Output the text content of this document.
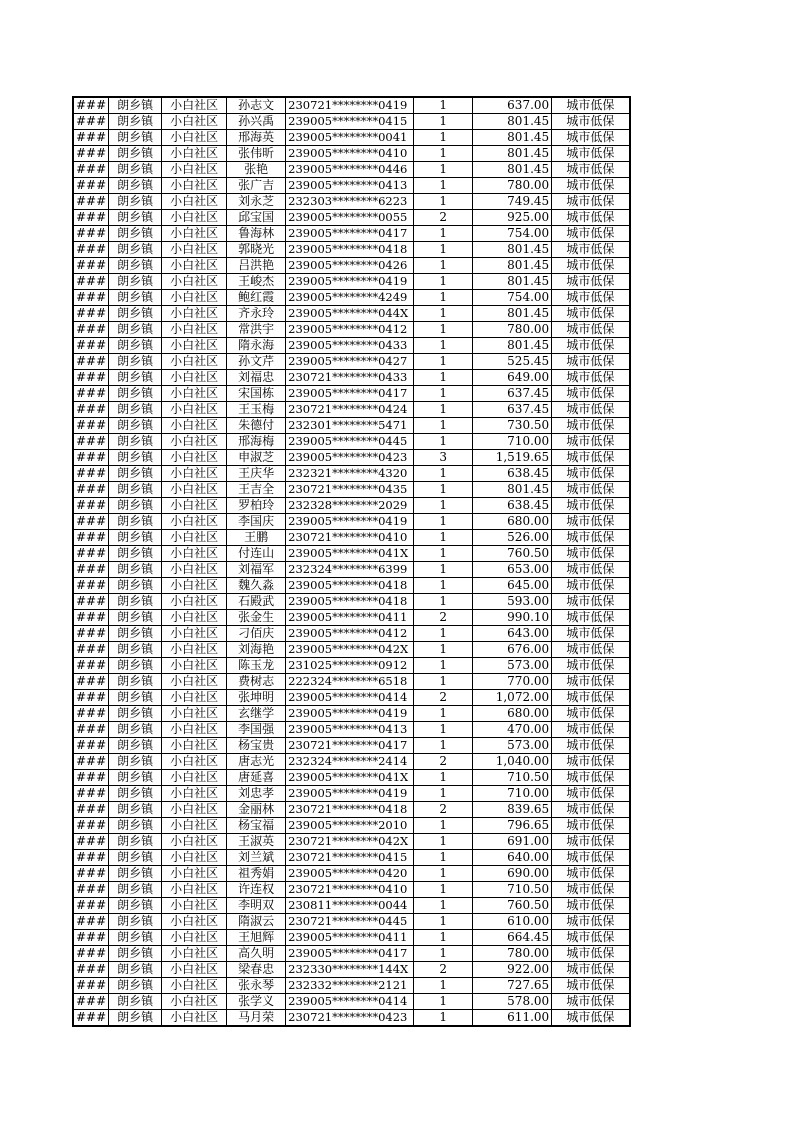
###	朗乡镇	小白社区	孙志文	230721********0419	1	637.00	城市低保
###	朗乡镇	小白社区	孙兴禹	239005********0415	1	801.45	城市低保
###	朗乡镇	小白社区	邢海英	239005********0041	1	801.45	城市低保
###	朗乡镇	小白社区	张伟昕	239005********0410	1	801.45	城市低保
###	朗乡镇	小白社区	张艳	239005********0446	1	801.45	城市低保
###	朗乡镇	小白社区	张广吉	239005********0413	1	780.00	城市低保
###	朗乡镇	小白社区	刘永芝	232303********6223	1	749.45	城市低保
###	朗乡镇	小白社区	邱宝国	239005********0055	2	925.00	城市低保
###	朗乡镇	小白社区	鲁海林	239005********0417	1	754.00	城市低保
###	朗乡镇	小白社区	郭晓光	239005********0418	1	801.45	城市低保
###	朗乡镇	小白社区	吕洪艳	239005********0426	1	801.45	城市低保
###	朗乡镇	小白社区	王峻杰	239005********0419	1	801.45	城市低保
###	朗乡镇	小白社区	鲍红霞	239005********4249	1	754.00	城市低保
###	朗乡镇	小白社区	齐永玲	239005********044X	1	801.45	城市低保
###	朗乡镇	小白社区	常洪宇	239005********0412	1	780.00	城市低保
###	朗乡镇	小白社区	隋永海	239005********0433	1	801.45	城市低保
###	朗乡镇	小白社区	孙文芹	239005********0427	1	525.45	城市低保
###	朗乡镇	小白社区	刘福忠	230721********0433	1	649.00	城市低保
###	朗乡镇	小白社区	宋国栋	239005********0417	1	637.45	城市低保
###	朗乡镇	小白社区	王玉梅	230721********0424	1	637.45	城市低保
###	朗乡镇	小白社区	朱德付	232301********5471	1	730.50	城市低保
###	朗乡镇	小白社区	邢海梅	239005********0445	1	710.00	城市低保
###	朗乡镇	小白社区	申淑芝	239005********0423	3	1,519.65	城市低保
###	朗乡镇	小白社区	王庆华	232321********4320	1	638.45	城市低保
###	朗乡镇	小白社区	王吉全	230721********0435	1	801.45	城市低保
###	朗乡镇	小白社区	罗柏玲	232328********2029	1	638.45	城市低保
###	朗乡镇	小白社区	李国庆	239005********0419	1	680.00	城市低保
###	朗乡镇	小白社区	王鹏	230721********0410	1	526.00	城市低保
###	朗乡镇	小白社区	付连山	239005********041X	1	760.50	城市低保
###	朗乡镇	小白社区	刘福军	232324********6399	1	653.00	城市低保
###	朗乡镇	小白社区	魏久淼	239005********0418	1	645.00	城市低保
###	朗乡镇	小白社区	石殿武	239005********0418	1	593.00	城市低保
###	朗乡镇	小白社区	张金生	239005********0411	2	990.10	城市低保
###	朗乡镇	小白社区	刁佰庆	239005********0412	1	643.00	城市低保
###	朗乡镇	小白社区	刘海艳	239005********042X	1	676.00	城市低保
###	朗乡镇	小白社区	陈玉龙	231025********0912	1	573.00	城市低保
###	朗乡镇	小白社区	费树志	222324********6518	1	770.00	城市低保
###	朗乡镇	小白社区	张坤明	239005********0414	2	1,072.00	城市低保
###	朗乡镇	小白社区	玄继学	239005********0419	1	680.00	城市低保
###	朗乡镇	小白社区	李国强	239005********0413	1	470.00	城市低保
###	朗乡镇	小白社区	杨宝贵	230721********0417	1	573.00	城市低保
###	朗乡镇	小白社区	唐志光	232324********2414	2	1,040.00	城市低保
###	朗乡镇	小白社区	唐延喜	239005********041X	1	710.50	城市低保
###	朗乡镇	小白社区	刘忠孝	239005********0419	1	710.00	城市低保
###	朗乡镇	小白社区	金丽林	230721********0418	2	839.65	城市低保
###	朗乡镇	小白社区	杨宝福	239005********2010	1	796.65	城市低保
###	朗乡镇	小白社区	王淑英	230721********042X	1	691.00	城市低保
###	朗乡镇	小白社区	刘兰斌	230721********0415	1	640.00	城市低保
###	朗乡镇	小白社区	祖秀娟	239005********0420	1	690.00	城市低保
###	朗乡镇	小白社区	许连权	230721********0410	1	710.50	城市低保
###	朗乡镇	小白社区	李明双	230811********0044	1	760.50	城市低保
###	朗乡镇	小白社区	隋淑云	230721********0445	1	610.00	城市低保
###	朗乡镇	小白社区	王旭辉	239005********0411	1	664.45	城市低保
###	朗乡镇	小白社区	高久明	239005********0417	1	780.00	城市低保
###	朗乡镇	小白社区	梁春忠	232330********144X	2	922.00	城市低保
###	朗乡镇	小白社区	张永琴	232332********2121	1	727.65	城市低保
###	朗乡镇	小白社区	张学义	239005********0414	1	578.00	城市低保
###	朗乡镇	小白社区	马月荣	230721********0423	1	611.00	城市低保
